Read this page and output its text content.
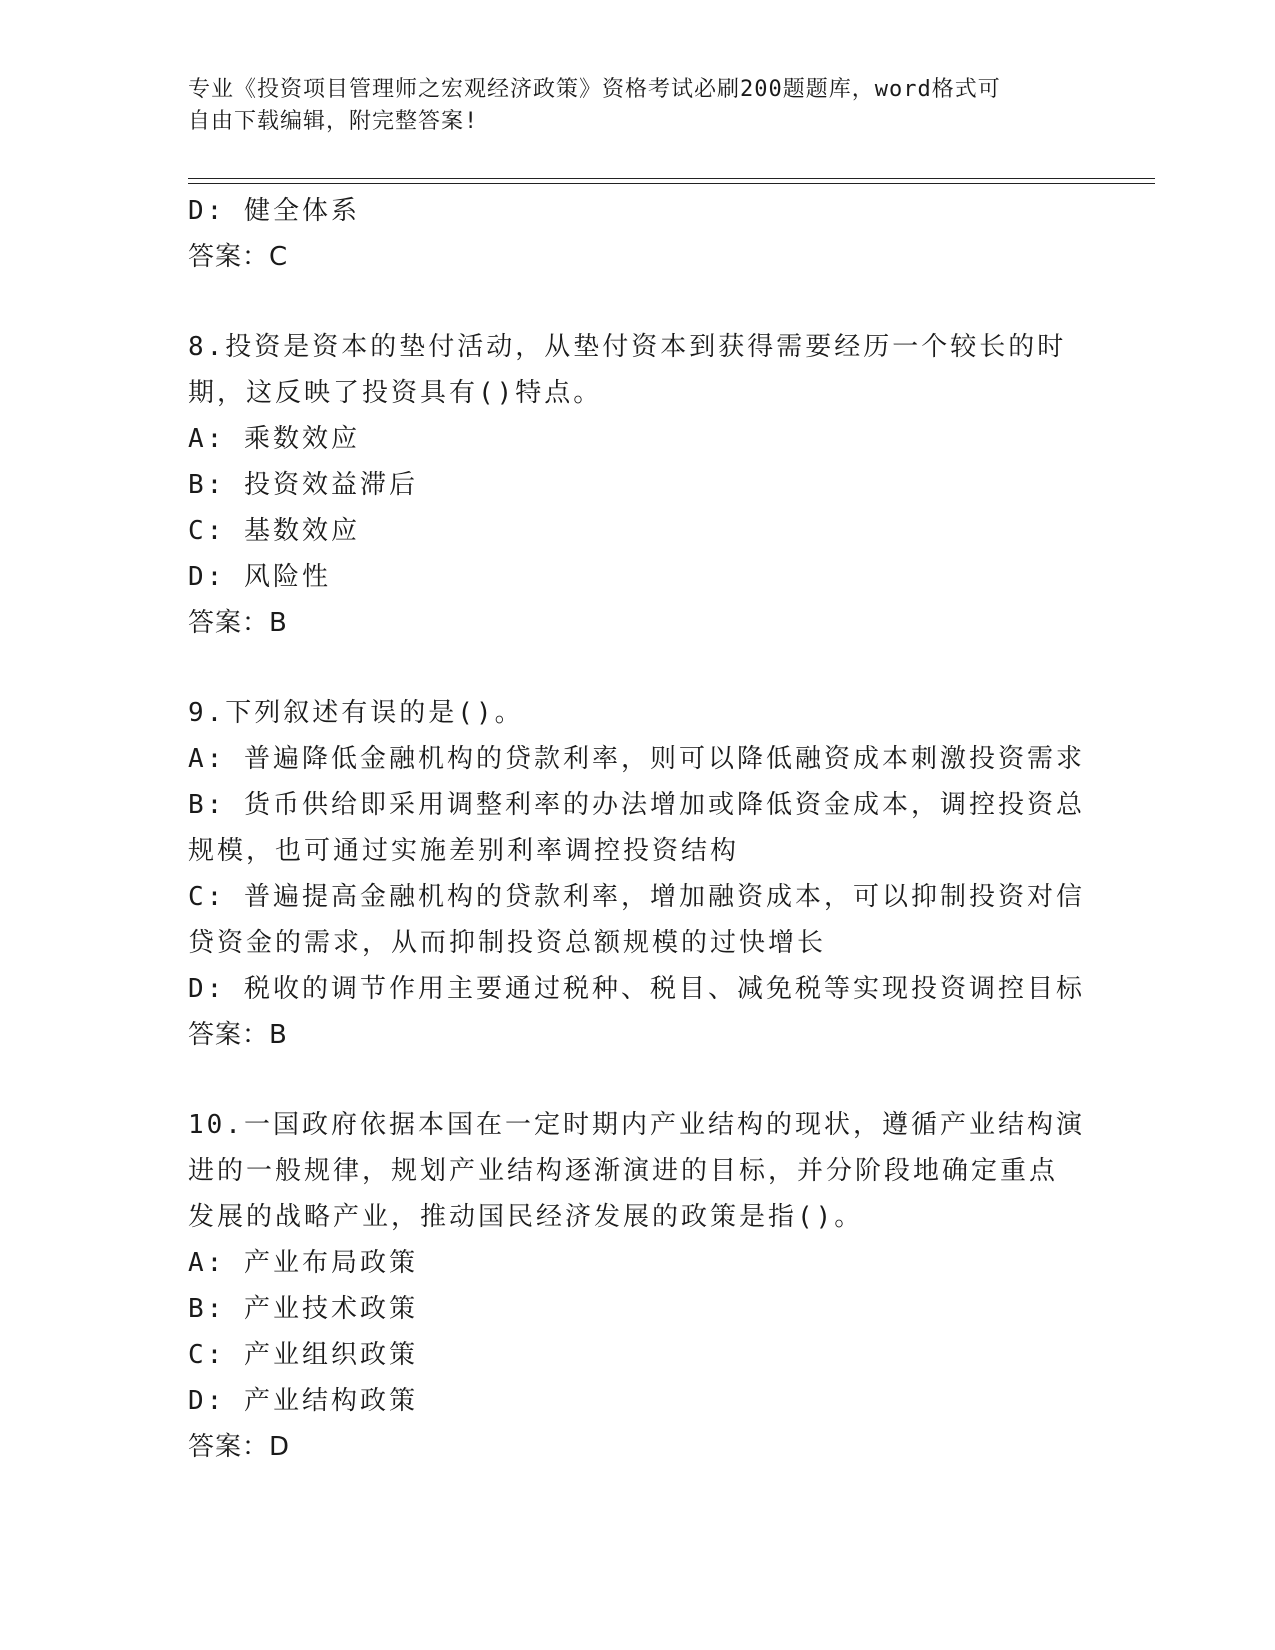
专业《投资项目管理师之宏观经济政策》资格考试必刷200题题库，word格式可
自由下载编辑，附完整答案!
D: 健全体系
答案：C
8.投资是资本的垫付活动，从垫付资本到获得需要经历一个较长的时
期，这反映了投资具有()特点。
A: 乘数效应
B: 投资效益滞后
C: 基数效应
D: 风险性
答案：B
9.下列叙述有误的是()。
A: 普遍降低金融机构的贷款利率，则可以降低融资成本刺激投资需求
B: 货币供给即采用调整利率的办法增加或降低资金成本，调控投资总
规模，也可通过实施差别利率调控投资结构
C: 普遍提高金融机构的贷款利率，增加融资成本，可以抑制投资对信
贷资金的需求，从而抑制投资总额规模的过快增长
D: 税收的调节作用主要通过税种、税目、减免税等实现投资调控目标
答案：B
10.一国政府依据本国在一定时期内产业结构的现状，遵循产业结构演
进的一般规律，规划产业结构逐渐演进的目标，并分阶段地确定重点
发展的战略产业，推动国民经济发展的政策是指()。
A: 产业布局政策
B: 产业技术政策
C: 产业组织政策
D: 产业结构政策
答案：D
